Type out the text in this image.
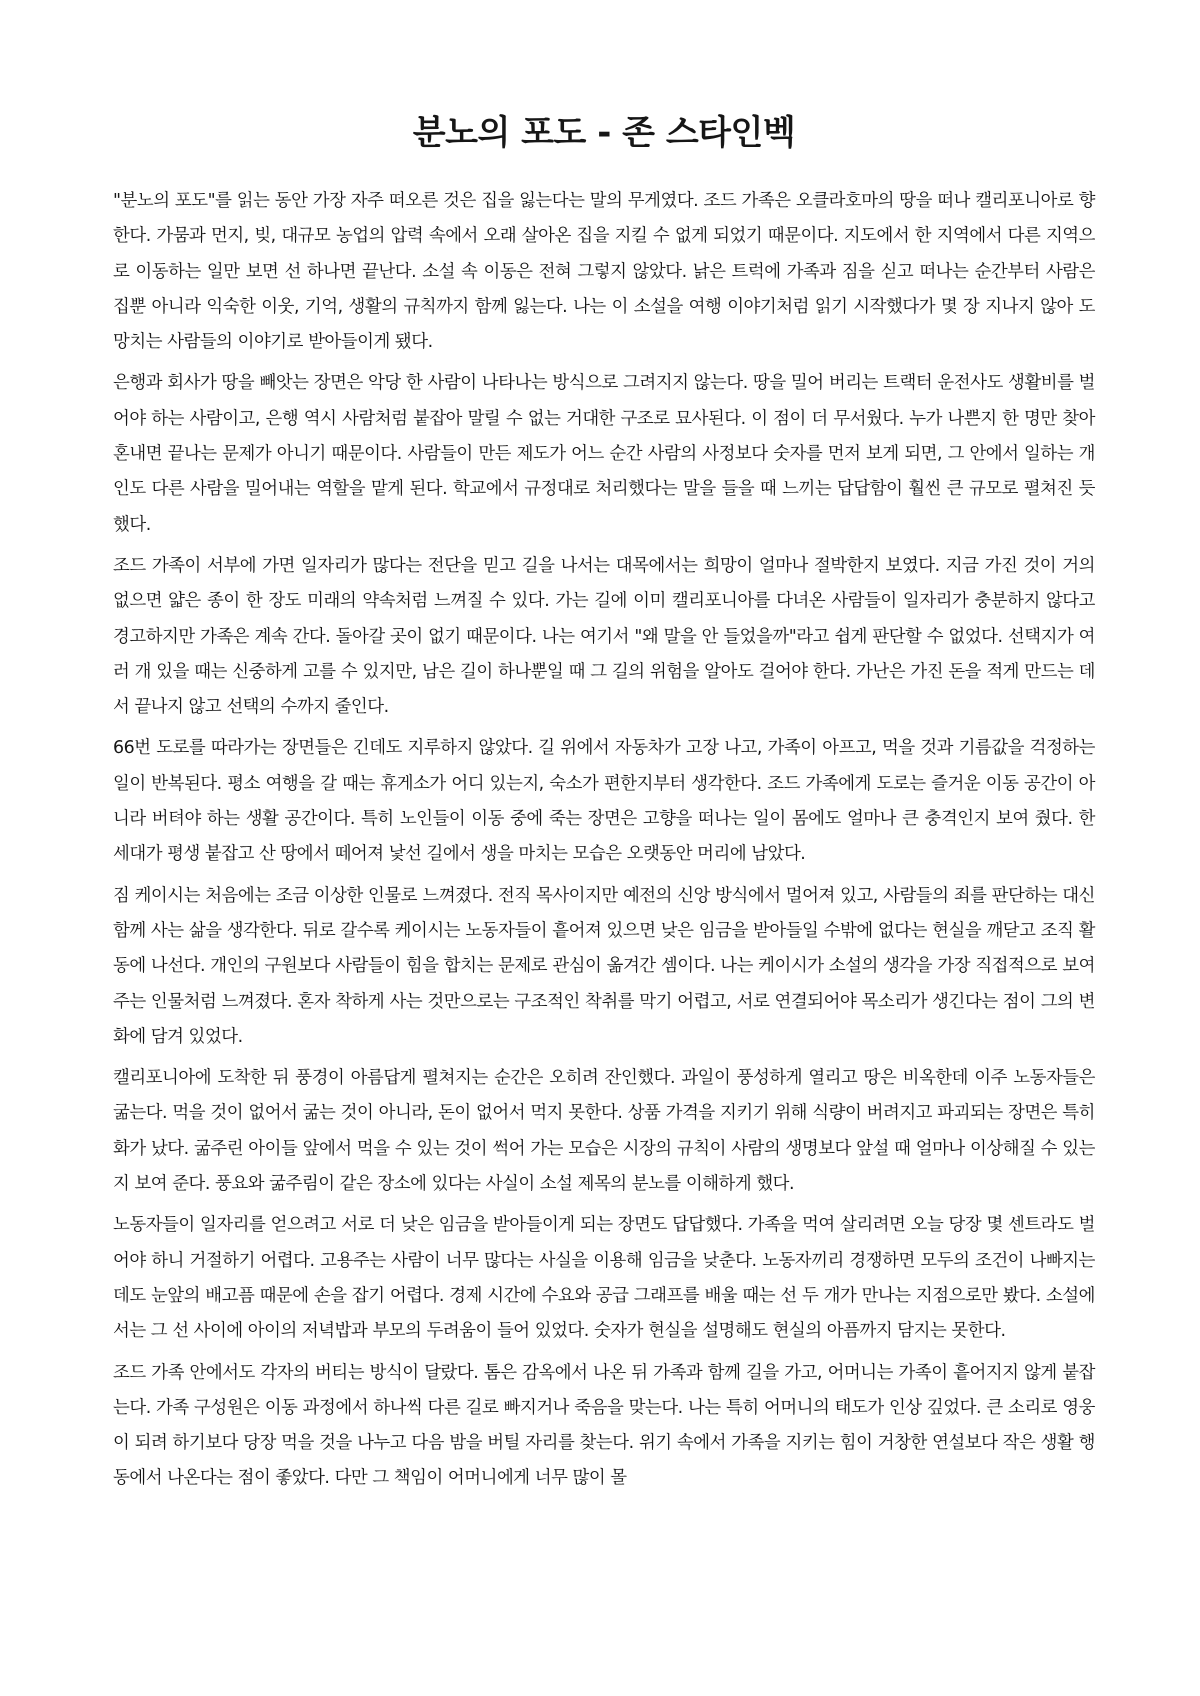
분노의 포도 - 존 스타인벡

"분노의 포도"를 읽는 동안 가장 자주 떠오른 것은 집을 잃는다는 말의 무게였다. 조드 가족은 오클라호마의 땅을 떠나 캘리포니아로 향한다. 가뭄과 먼지, 빚, 대규모 농업의 압력 속에서 오래 살아온 집을 지킬 수 없게 되었기 때문이다. 지도에서 한 지역에서 다른 지역으로 이동하는 일만 보면 선 하나면 끝난다. 소설 속 이동은 전혀 그렇지 않았다. 낡은 트럭에 가족과 짐을 싣고 떠나는 순간부터 사람은 집뿐 아니라 익숙한 이웃, 기억, 생활의 규칙까지 함께 잃는다. 나는 이 소설을 여행 이야기처럼 읽기 시작했다가 몇 장 지나지 않아 도망치는 사람들의 이야기로 받아들이게 됐다.

은행과 회사가 땅을 빼앗는 장면은 악당 한 사람이 나타나는 방식으로 그려지지 않는다. 땅을 밀어 버리는 트랙터 운전사도 생활비를 벌어야 하는 사람이고, 은행 역시 사람처럼 붙잡아 말릴 수 없는 거대한 구조로 묘사된다. 이 점이 더 무서웠다. 누가 나쁜지 한 명만 찾아 혼내면 끝나는 문제가 아니기 때문이다. 사람들이 만든 제도가 어느 순간 사람의 사정보다 숫자를 먼저 보게 되면, 그 안에서 일하는 개인도 다른 사람을 밀어내는 역할을 맡게 된다. 학교에서 규정대로 처리했다는 말을 들을 때 느끼는 답답함이 훨씬 큰 규모로 펼쳐진 듯했다.

조드 가족이 서부에 가면 일자리가 많다는 전단을 믿고 길을 나서는 대목에서는 희망이 얼마나 절박한지 보였다. 지금 가진 것이 거의 없으면 얇은 종이 한 장도 미래의 약속처럼 느껴질 수 있다. 가는 길에 이미 캘리포니아를 다녀온 사람들이 일자리가 충분하지 않다고 경고하지만 가족은 계속 간다. 돌아갈 곳이 없기 때문이다. 나는 여기서 "왜 말을 안 들었을까"라고 쉽게 판단할 수 없었다. 선택지가 여러 개 있을 때는 신중하게 고를 수 있지만, 남은 길이 하나뿐일 때 그 길의 위험을 알아도 걸어야 한다. 가난은 가진 돈을 적게 만드는 데서 끝나지 않고 선택의 수까지 줄인다.

66번 도로를 따라가는 장면들은 긴데도 지루하지 않았다. 길 위에서 자동차가 고장 나고, 가족이 아프고, 먹을 것과 기름값을 걱정하는 일이 반복된다. 평소 여행을 갈 때는 휴게소가 어디 있는지, 숙소가 편한지부터 생각한다. 조드 가족에게 도로는 즐거운 이동 공간이 아니라 버텨야 하는 생활 공간이다. 특히 노인들이 이동 중에 죽는 장면은 고향을 떠나는 일이 몸에도 얼마나 큰 충격인지 보여 줬다. 한 세대가 평생 붙잡고 산 땅에서 떼어져 낯선 길에서 생을 마치는 모습은 오랫동안 머리에 남았다.

짐 케이시는 처음에는 조금 이상한 인물로 느껴졌다. 전직 목사이지만 예전의 신앙 방식에서 멀어져 있고, 사람들의 죄를 판단하는 대신 함께 사는 삶을 생각한다. 뒤로 갈수록 케이시는 노동자들이 흩어져 있으면 낮은 임금을 받아들일 수밖에 없다는 현실을 깨닫고 조직 활동에 나선다. 개인의 구원보다 사람들이 힘을 합치는 문제로 관심이 옮겨간 셈이다. 나는 케이시가 소설의 생각을 가장 직접적으로 보여 주는 인물처럼 느껴졌다. 혼자 착하게 사는 것만으로는 구조적인 착취를 막기 어렵고, 서로 연결되어야 목소리가 생긴다는 점이 그의 변화에 담겨 있었다.

캘리포니아에 도착한 뒤 풍경이 아름답게 펼쳐지는 순간은 오히려 잔인했다. 과일이 풍성하게 열리고 땅은 비옥한데 이주 노동자들은 굶는다. 먹을 것이 없어서 굶는 것이 아니라, 돈이 없어서 먹지 못한다. 상품 가격을 지키기 위해 식량이 버려지고 파괴되는 장면은 특히 화가 났다. 굶주린 아이들 앞에서 먹을 수 있는 것이 썩어 가는 모습은 시장의 규칙이 사람의 생명보다 앞설 때 얼마나 이상해질 수 있는지 보여 준다. 풍요와 굶주림이 같은 장소에 있다는 사실이 소설 제목의 분노를 이해하게 했다.

노동자들이 일자리를 얻으려고 서로 더 낮은 임금을 받아들이게 되는 장면도 답답했다. 가족을 먹여 살리려면 오늘 당장 몇 센트라도 벌어야 하니 거절하기 어렵다. 고용주는 사람이 너무 많다는 사실을 이용해 임금을 낮춘다. 노동자끼리 경쟁하면 모두의 조건이 나빠지는데도 눈앞의 배고픔 때문에 손을 잡기 어렵다. 경제 시간에 수요와 공급 그래프를 배울 때는 선 두 개가 만나는 지점으로만 봤다. 소설에서는 그 선 사이에 아이의 저녁밥과 부모의 두려움이 들어 있었다. 숫자가 현실을 설명해도 현실의 아픔까지 담지는 못한다.

조드 가족 안에서도 각자의 버티는 방식이 달랐다. 톰은 감옥에서 나온 뒤 가족과 함께 길을 가고, 어머니는 가족이 흩어지지 않게 붙잡는다. 가족 구성원은 이동 과정에서 하나씩 다른 길로 빠지거나 죽음을 맞는다. 나는 특히 어머니의 태도가 인상 깊었다. 큰 소리로 영웅이 되려 하기보다 당장 먹을 것을 나누고 다음 밤을 버틸 자리를 찾는다. 위기 속에서 가족을 지키는 힘이 거창한 연설보다 작은 생활 행동에서 나온다는 점이 좋았다. 다만 그 책임이 어머니에게 너무 많이 몰
